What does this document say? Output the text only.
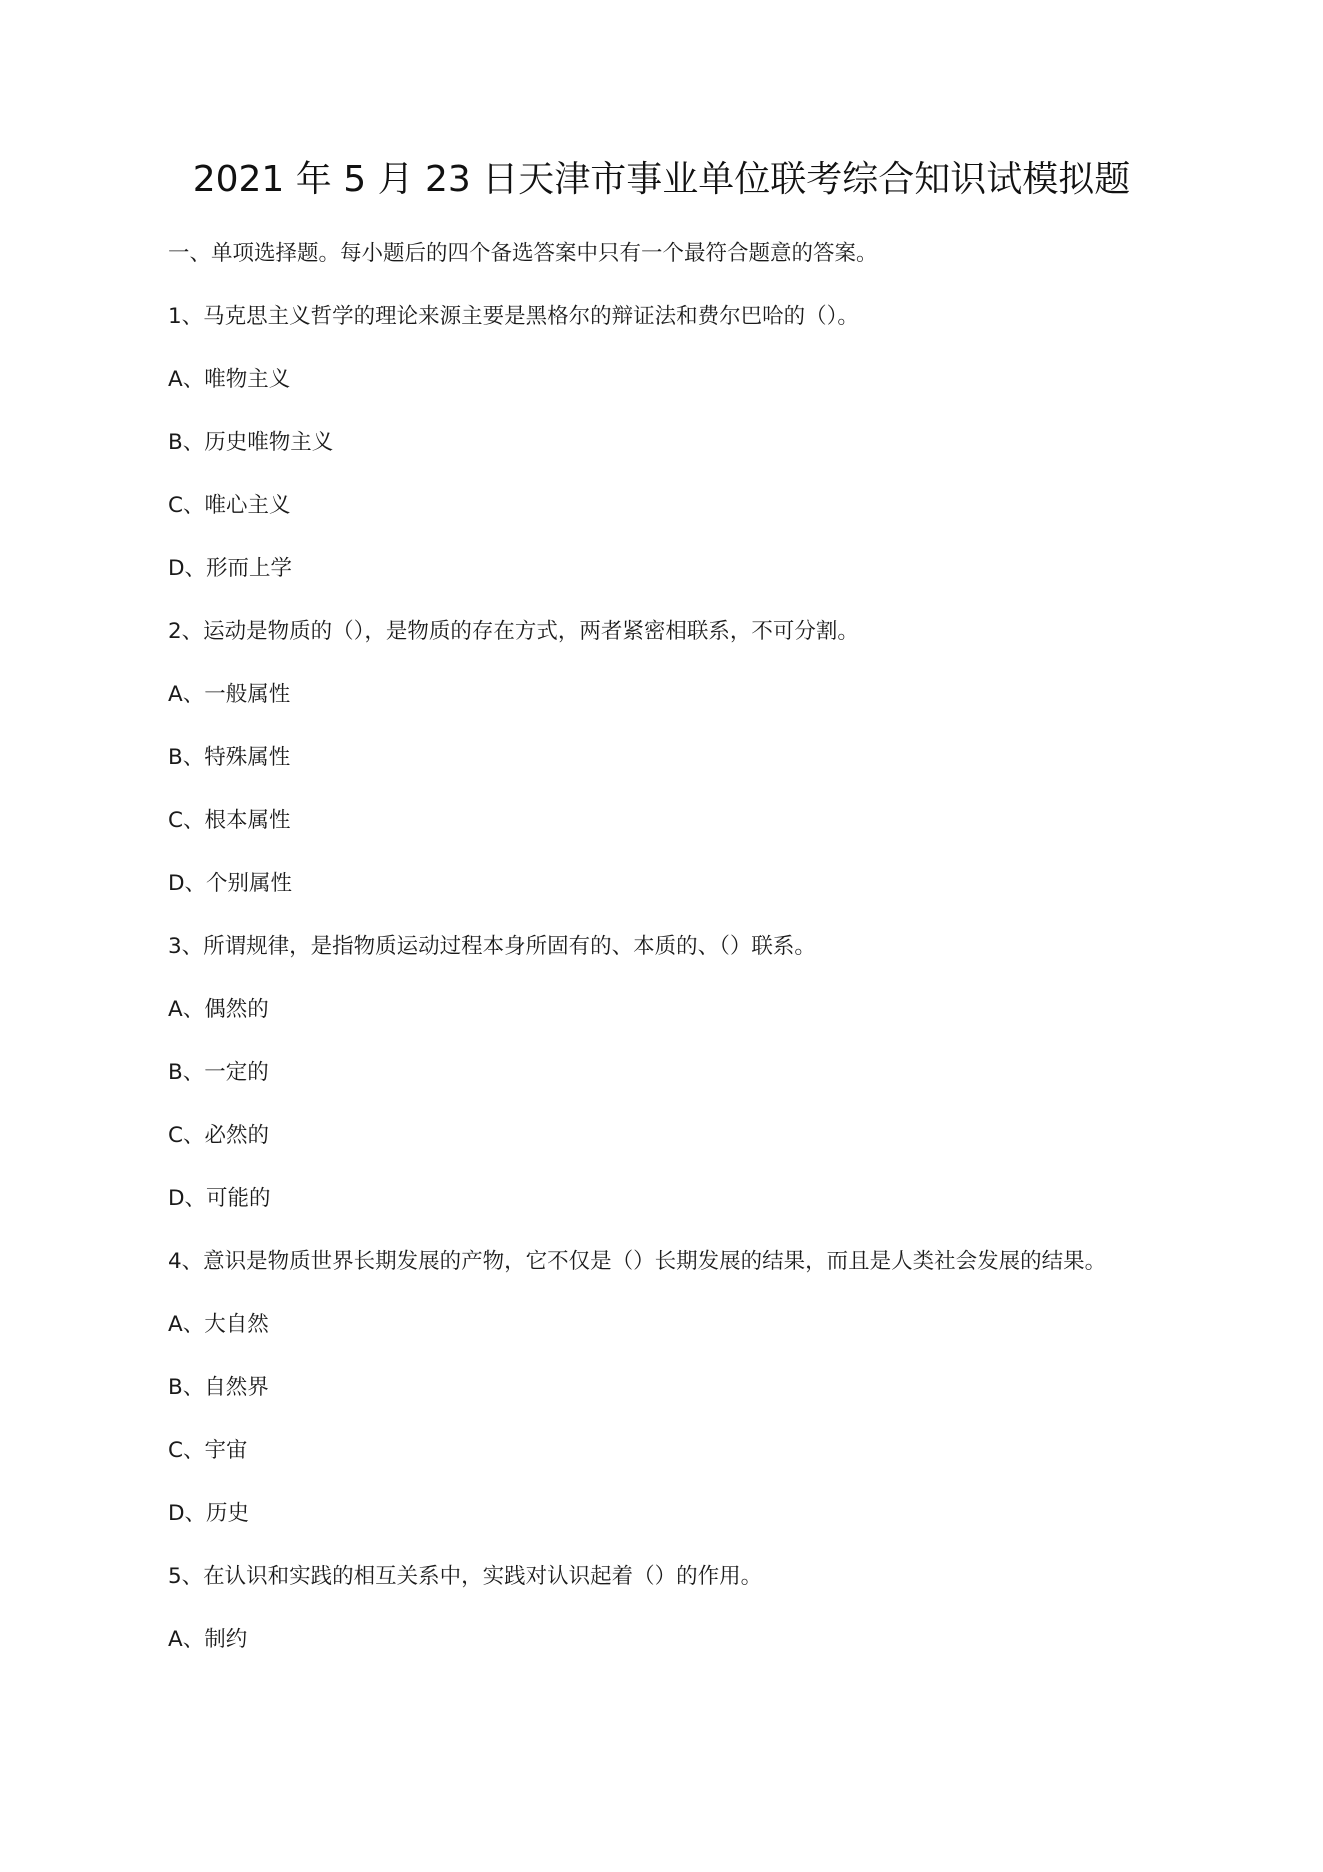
2021 年 5 月 23 日天津市事业单位联考综合知识试模拟题
一、单项选择题。每小题后的四个备选答案中只有一个最符合题意的答案。
1、马克思主义哲学的理论来源主要是黑格尔的辩证法和费尔巴哈的（）。
A、唯物主义
B、历史唯物主义
C、唯心主义
D、形而上学
2、运动是物质的（），是物质的存在方式，两者紧密相联系，不可分割。
A、一般属性
B、特殊属性
C、根本属性
D、个别属性
3、所谓规律，是指物质运动过程本身所固有的、本质的、（）联系。
A、偶然的
B、一定的
C、必然的
D、可能的
4、意识是物质世界长期发展的产物，它不仅是（）长期发展的结果，而且是人类社会发展的结果。
A、大自然
B、自然界
C、宇宙
D、历史
5、在认识和实践的相互关系中，实践对认识起着（）的作用。
A、制约
